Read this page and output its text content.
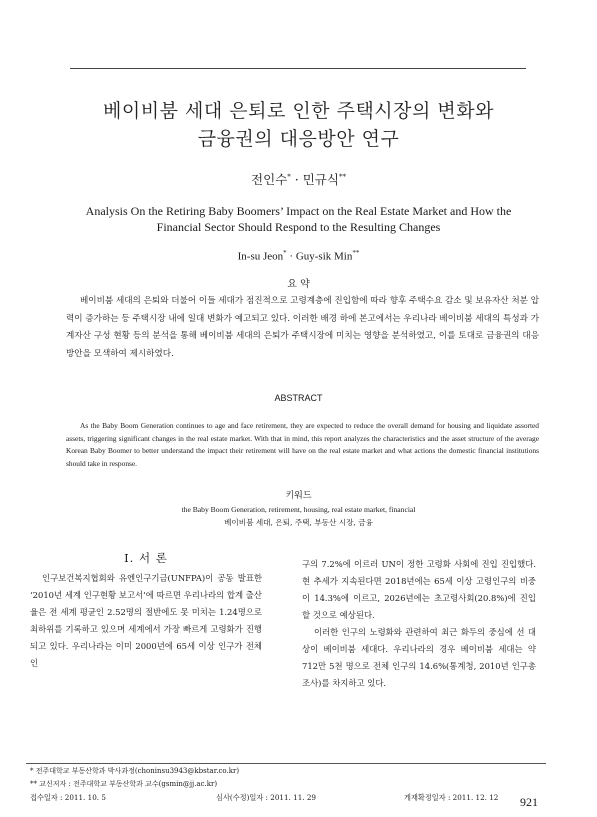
베이비붐 세대 은퇴로 인한 주택시장의 변화와
금융권의 대응방안 연구
전인수* · 민규식**
Analysis On the Retiring Baby Boomers’ Impact on the Real Estate Market and How the
Financial Sector Should Respond to the Resulting Changes
In-su Jeon* · Guy-sik Min**
요 약

베이비붐 세대의 은퇴와 더불어 이들 세대가 점진적으로 고령계층에 진입함에 따라 향후 주택수요 감소 및 보유자산 처분 압력이 증가하는 등 주택시장 내에 일대 변화가 예고되고 있다. 이러한 배경 하에 본고에서는 우리나라 베이비붐 세대의 특성과 가계자산 구성 현황 등의 분석을 통해 베이비붐 세대의 은퇴가 주택시장에 미치는 영향을 분석하였고, 이를 토대로 금융권의 대응방안을 모색하여 제시하였다.

ABSTRACT

As the Baby Boom Generation continues to age and face retirement, they are expected to reduce the overall demand for housing and liquidate assorted assets, triggering significant changes in the real estate market. With that in mind, this report analyzes the characteristics and the asset structure of the average Korean Baby Boomer to better understand the impact their retirement will have on the real estate market and what actions the domestic financial institutions should take in response.

키워드
the Baby Boom Generation, retirement, housing, real estate market, financial
베이비붐 세대, 은퇴, 주택, 부동산 시장, 금융
Ⅰ. 서 론

인구보건복지협회와 유엔인구기금(UNFPA)이 공동 발표한 ‘2010년 세계 인구현황 보고서’에 따르면 우리나라의 합계 출산율은 전 세계 평균인 2.52명의 절반에도 못 미치는 1.24명으로 최하위를 기록하고 있으며 세계에서 가장 빠르게 고령화가 진행되고 있다. 우리나라는 이미 2000년에 65세 이상 인구가 전체 인

구의 7.2%에 이르러 UN이 정한 고령화 사회에 진입 진입했다. 현 추세가 지속된다면 2018년에는 65세 이상 고령인구의 비중이 14.3%에 이르고, 2026년에는 초고령사회(20.8%)에 진입할 것으로 예상된다.

이러한 인구의 노령화와 관련하여 최근 화두의 중심에 선 대상이 베이비붐 세대다. 우리나라의 경우 베이비붐 세대는 약 712만 5천 명으로 전체 인구의 14.6%(통계청, 2010년 인구총조사)를 차지하고 있다.

* 전주대학교 부동산학과 박사과정(choninsu3943@kbstar.co.kr)
** 교신저자 : 전주대학교 부동산학과 교수(gsmin@jj.ac.kr)
접수일자 : 2011. 10. 5	심사(수정)일자 : 2011. 11. 29	게재확정일자 : 2011. 12. 12 921
